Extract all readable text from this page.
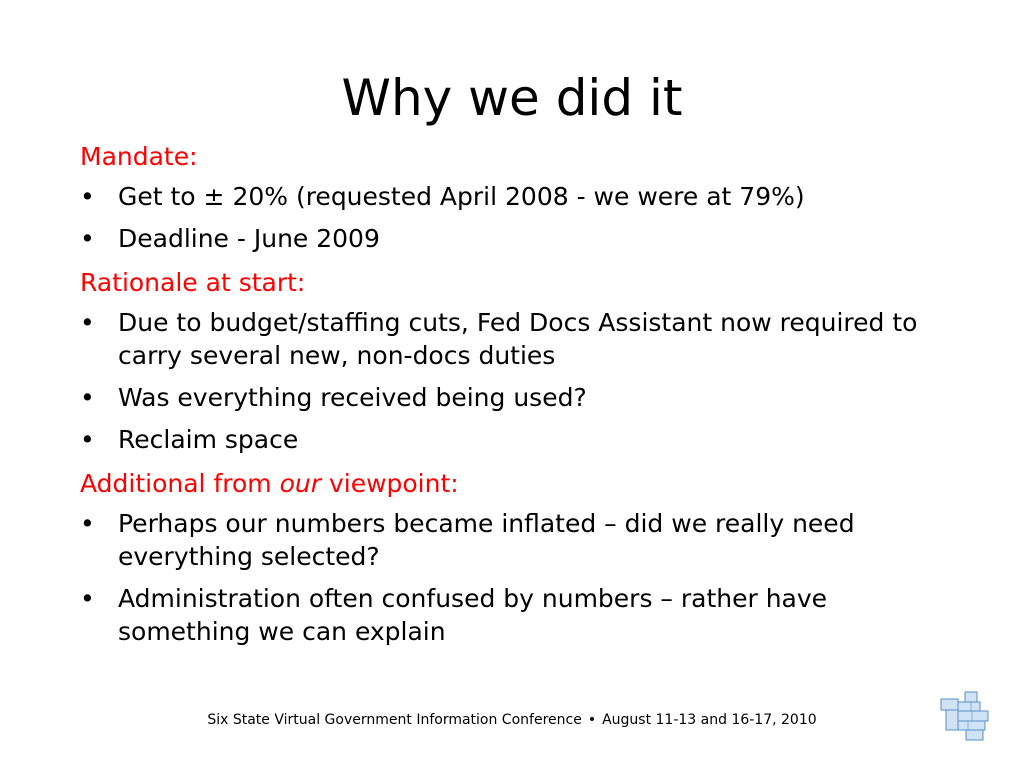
Why we did it
Mandate:
• Get to ± 20% (requested April 2008 - we were at 79%)
• Deadline - June 2009
Rationale at start:
• Due to budget/staffing cuts, Fed Docs Assistant now required to carry several new, non-docs duties
• Was everything received being used?
• Reclaim space
Additional from our viewpoint:
• Perhaps our numbers became inflated – did we really need everything selected?
• Administration often confused by numbers – rather have something we can explain
Six State Virtual Government Information Conference • August 11-13 and 16-17, 2010
